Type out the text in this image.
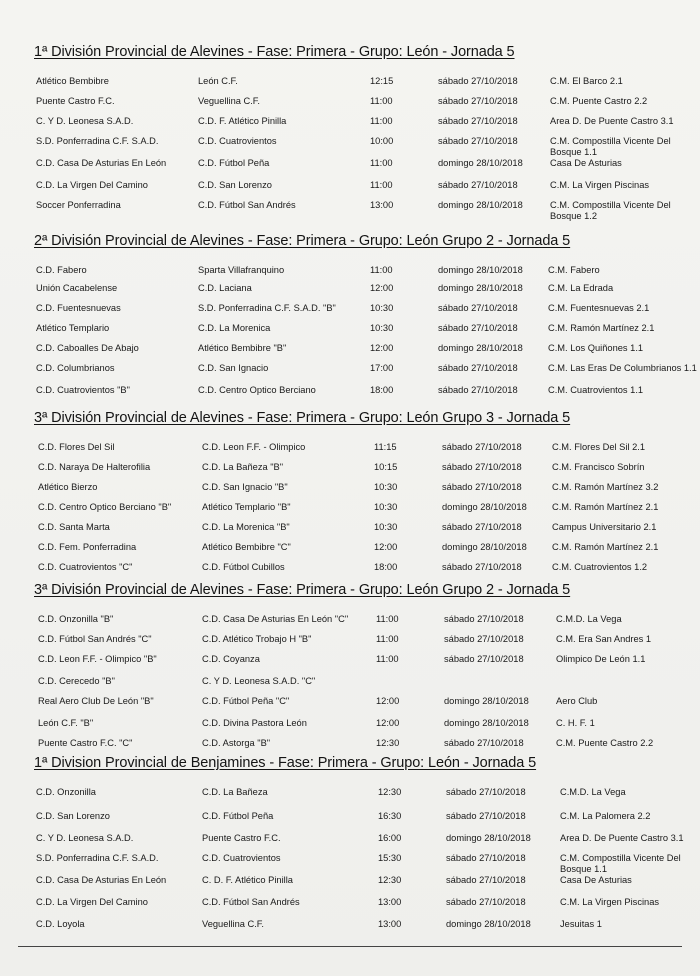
1ª División Provincial de Alevines - Fase: Primera - Grupo: León - Jornada 5
Atlético Bembibre	León C.F.	12:15	sábado 27/10/2018	C.M. El Barco 2.1
Puente Castro F.C.	Veguellina C.F.	11:00	sábado 27/10/2018	C.M. Puente Castro 2.2
C. Y D. Leonesa S.A.D.	C.D. F. Atlético Pinilla	11:00	sábado 27/10/2018	Area D. De Puente Castro 3.1
S.D. Ponferradina C.F. S.A.D.	C.D. Cuatrovientos	10:00	sábado 27/10/2018	C.M. Compostilla Vicente Del Bosque 1.1
C.D. Casa De Asturias En León	C.D. Fútbol Peña	11:00	domingo 28/10/2018	Casa De Asturias
C.D. La Virgen Del Camino	C.D. San Lorenzo	11:00	sábado 27/10/2018	C.M. La Virgen Piscinas
Soccer Ponferradina	C.D. Fútbol San Andrés	13:00	domingo 28/10/2018	C.M. Compostilla Vicente Del Bosque 1.2
2ª División Provincial de Alevines - Fase: Primera - Grupo: León Grupo 2 - Jornada 5
C.D. Fabero	Sparta Villafranquino	11:00	domingo 28/10/2018	C.M. Fabero
Unión Cacabelense	C.D. Laciana	12:00	domingo 28/10/2018	C.M. La Edrada
C.D. Fuentesnuevas	S.D. Ponferradina C.F. S.A.D. "B"	10:30	sábado 27/10/2018	C.M. Fuentesnuevas 2.1
Atlético Templario	C.D. La Morenica	10:30	sábado 27/10/2018	C.M. Ramón Martínez 2.1
C.D. Caboalles De Abajo	Atlético Bembibre "B"	12:00	domingo 28/10/2018	C.M. Los Quiñones 1.1
C.D. Columbrianos	C.D. San Ignacio	17:00	sábado 27/10/2018	C.M. Las Eras De Columbrianos 1.1
C.D. Cuatrovientos "B"	C.D. Centro Optico Berciano	18:00	sábado 27/10/2018	C.M. Cuatrovientos 1.1
3ª División Provincial de Alevines - Fase: Primera - Grupo: León Grupo 3 - Jornada 5
C.D. Flores Del Sil	C.D. Leon F.F. - Olimpico	11:15	sábado 27/10/2018	C.M. Flores Del Sil 2.1
C.D. Naraya De Halterofilia	C.D. La Bañeza "B"	10:15	sábado 27/10/2018	C.M. Francisco Sobrín
Atlético Bierzo	C.D. San Ignacio "B"	10:30	sábado 27/10/2018	C.M. Ramón Martínez 3.2
C.D. Centro Optico Berciano "B"	Atlético Templario "B"	10:30	domingo 28/10/2018	C.M. Ramón Martínez 2.1
C.D. Santa Marta	C.D. La Morenica "B"	10:30	sábado 27/10/2018	Campus Universitario 2.1
C.D. Fem. Ponferradina	Atlético Bembibre "C"	12:00	domingo 28/10/2018	C.M. Ramón Martínez 2.1
C.D. Cuatrovientos "C"	C.D. Fútbol Cubillos	18:00	sábado 27/10/2018	C.M. Cuatrovientos 1.2
3ª División Provincial de Alevines - Fase: Primera - Grupo: León Grupo 2 - Jornada 5
C.D. Onzonilla "B"	C.D. Casa De Asturias En León "C"	11:00	sábado 27/10/2018	C.M.D. La Vega
C.D. Fútbol San Andrés "C"	C.D. Atlético Trobajo H "B"	11:00	sábado 27/10/2018	C.M. Era San Andres 1
C.D. Leon F.F. - Olimpico "B"	C.D. Coyanza	11:00	sábado 27/10/2018	Olimpico De León 1.1
C.D. Cerecedo "B"	C. Y D. Leonesa S.A.D. "C"
Real Aero Club De León "B"	C.D. Fútbol Peña "C"	12:00	domingo 28/10/2018	Aero Club
León C.F. "B"	C.D. Divina Pastora León	12:00	domingo 28/10/2018	C. H. F. 1
Puente Castro F.C. "C"	C.D. Astorga "B"	12:30	sábado 27/10/2018	C.M. Puente Castro 2.2
1ª Division Provincial de Benjamines - Fase: Primera - Grupo: León - Jornada 5
C.D. Onzonilla	C.D. La Bañeza	12:30	sábado 27/10/2018	C.M.D. La Vega
C.D. San Lorenzo	C.D. Fútbol Peña	16:30	sábado 27/10/2018	C.M. La Palomera 2.2
C. Y D. Leonesa S.A.D.	Puente Castro F.C.	16:00	domingo 28/10/2018	Area D. De Puente Castro 3.1
S.D. Ponferradina C.F. S.A.D.	C.D. Cuatrovientos	15:30	sábado 27/10/2018	C.M. Compostilla Vicente Del Bosque 1.1
C.D. Casa De Asturias En León	C. D. F. Atlético Pinilla	12:30	sábado 27/10/2018	Casa De Asturias
C.D. La Virgen Del Camino	C.D. Fútbol San Andrés	13:00	sábado 27/10/2018	C.M. La Virgen Piscinas
C.D. Loyola	Veguellina C.F.	13:00	domingo 28/10/2018	Jesuitas 1
